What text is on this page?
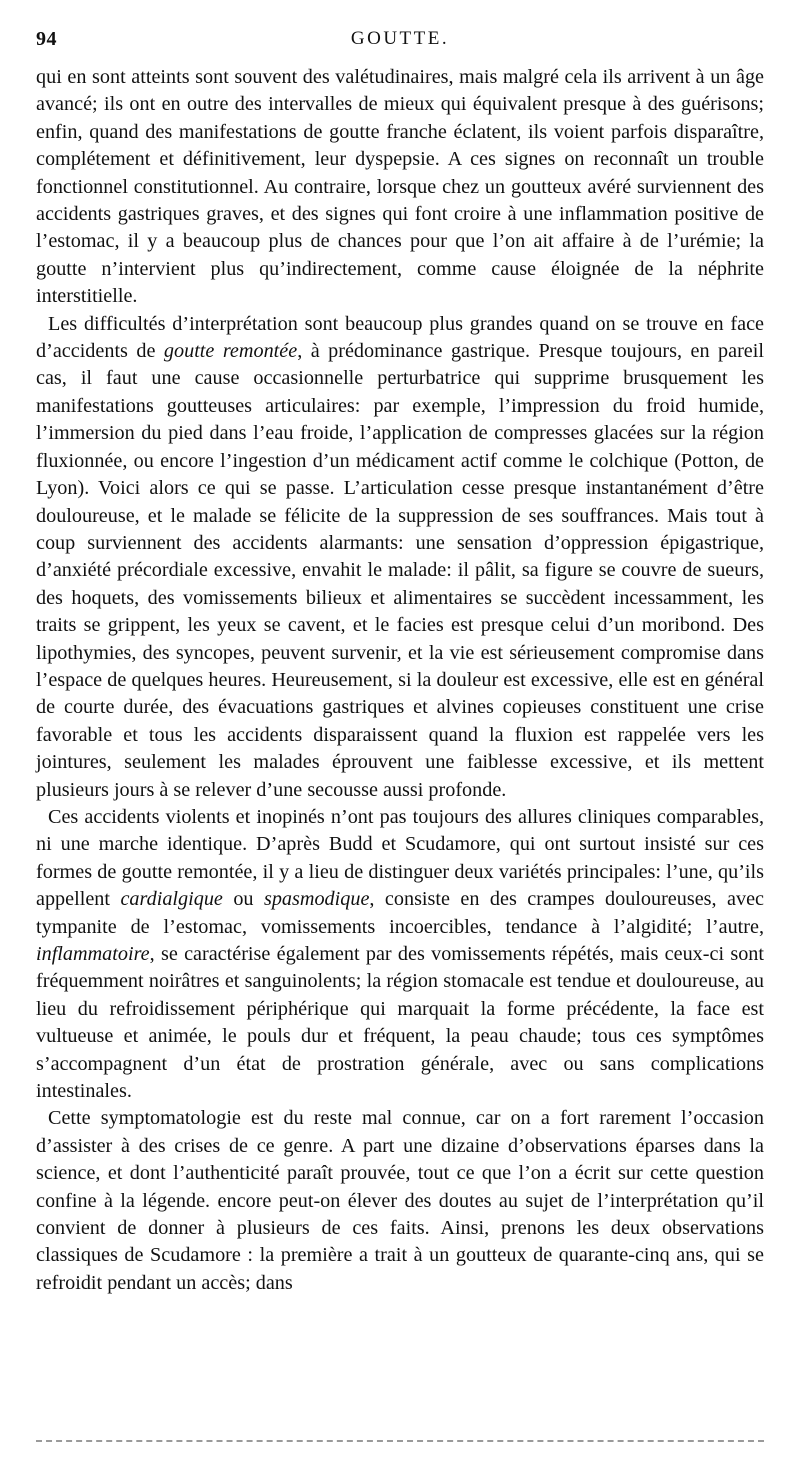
94	GOUTTE.

qui en sont atteints sont souvent des valétudinaires, mais malgré cela ils arrivent à un âge avancé; ils ont en outre des intervalles de mieux qui équivalent presque à des guérisons; enfin, quand des manifestations de goutte franche éclatent, ils voient parfois disparaître, complétement et définitivement, leur dyspepsie. A ces signes on reconnaît un trouble fonctionnel constitutionnel. Au contraire, lorsque chez un goutteux avéré surviennent des accidents gastriques graves, et des signes qui font croire à une inflammation positive de l’estomac, il y a beaucoup plus de chances pour que l’on ait affaire à de l’urémie; la goutte n’intervient plus qu’indirectement, comme cause éloignée de la néphrite interstitielle.

Les difficultés d’interprétation sont beaucoup plus grandes quand on se trouve en face d’accidents de goutte remontée, à prédominance gastrique. Presque toujours, en pareil cas, il faut une cause occasionnelle perturbatrice qui supprime brusquement les manifestations goutteuses articulaires: par exemple, l’impression du froid humide, l’immersion du pied dans l’eau froide, l’application de compresses glacées sur la région fluxionnée, ou encore l’ingestion d’un médicament actif comme le colchique (Potton, de Lyon). Voici alors ce qui se passe. L’articulation cesse presque instantanément d’être douloureuse, et le malade se félicite de la suppression de ses souffrances. Mais tout à coup surviennent des accidents alarmants: une sensation d’oppression épigastrique, d’anxiété précordiale excessive, envahit le malade: il pâlit, sa figure se couvre de sueurs, des hoquets, des vomissements bilieux et alimentaires se succèdent incessamment, les traits se grippent, les yeux se cavent, et le facies est presque celui d’un moribond. Des lipothymies, des syncopes, peuvent survenir, et la vie est sérieusement compromise dans l’espace de quelques heures. Heureusement, si la douleur est excessive, elle est en général de courte durée, des évacuations gastriques et alvines copieuses constituent une crise favorable et tous les accidents disparaissent quand la fluxion est rappelée vers les jointures, seulement les malades éprouvent une faiblesse excessive, et ils mettent plusieurs jours à se relever d’une secousse aussi profonde.

Ces accidents violents et inopinés n’ont pas toujours des allures cliniques comparables, ni une marche identique. D’après Budd et Scudamore, qui ont surtout insisté sur ces formes de goutte remontée, il y a lieu de distinguer deux variétés principales: l’une, qu’ils appellent cardialgique ou spasmodique, consiste en des crampes douloureuses, avec tympanite de l’estomac, vomissements incoercibles, tendance à l’algidité; l’autre, inflammatoire, se caractérise également par des vomissements répétés, mais ceux-ci sont fréquemment noirâtres et sanguinolents; la région stomacale est tendue et douloureuse, au lieu du refroidissement périphérique qui marquait la forme précédente, la face est vultueuse et animée, le pouls dur et fréquent, la peau chaude; tous ces symptômes s’accompagnent d’un état de prostration générale, avec ou sans complications intestinales.

Cette symptomatologie est du reste mal connue, car on a fort rarement l’occasion d’assister à des crises de ce genre. A part une dizaine d’observations éparses dans la science, et dont l’authenticité paraît prouvée, tout ce que l’on a écrit sur cette question confine à la légende. encore peut-on élever des doutes au sujet de l’interprétation qu’il convient de donner à plusieurs de ces faits. Ainsi, prenons les deux observations classiques de Scudamore : la première a trait à un goutteux de quarante-cinq ans, qui se refroidit pendant un accès; dans
